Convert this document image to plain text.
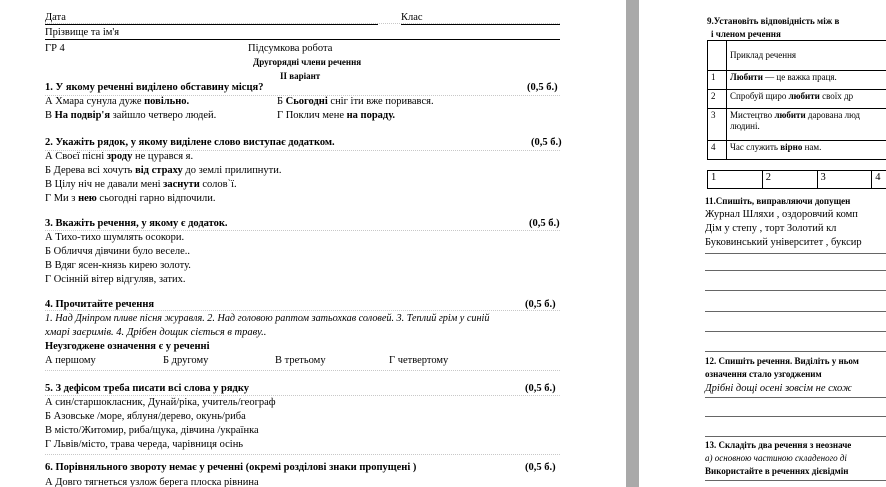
Дата	Клас
Прізвище та ім'я
ГР 4	Підсумкова робота
Другорядні члени речення
ІІ варіант
1. У якому реченні виділено обставину місця?	(0,5 б.)
А Хмара сунула дуже повільно.	Б Сьогодні сніг іти вже поривався.
В На подвір'я зайшло четверо людей.	Г Поклич мене на пораду.
2. Укажіть рядок, у якому виділене слово виступає додатком.	(0,5 б.)
А Своєї пісні зроду не цурався я.
Б Дерева всі хочуть від страху до землі прилипнути.
В Цілу ніч не давали мені заснути солов`ї.
Г Ми з нею сьогодні гарно відпочили.
3. Вкажіть речення, у якому є додаток.	(0,5 б.)
А Тихо-тихо шумлять осокори.
Б Обличчя дівчини було веселе..
В Вдяг ясен-князь кирею золоту.
Г Осінній вітер відгуляв, затих.
4. Прочитайте речення	(0,5 б.)
1. Над Дніпром пливе пісня журавля. 2. Над головою раптом затьохкав соловей. 3. Теплий грім у синій
хмарі заєримів. 4. Дрібен дощик сіється в траву..
Неузгоджене означення є у реченні
А першому	Б другому	В третьому	Г четвертому
5. З дефісом треба писати всі слова у рядку	(0,5 б.)
А син/старшокласник, Дунай/ріка, учитель/географ
Б Азовське /море, яблуня/дерево, окунь/риба
В місто/Житомир, риба/щука, дівчина /українка
Г Львів/місто, трава череда, чарівниця осінь
6. Порівняльного звороту немає у реченні (окремі розділові знаки пропущені )	(0,5 б.)
А Довго тягнеться узлож берега плоска рівнина
9.Установіть відповідність між в
і членом речення
	Приклад речення
1	Любити — це важка праця.
2	Спробуй щиро любити своїх др
3	Мистецтво любити дарована люд
людині.
4	Час служить вірно нам.
1	2	3	4
11.Спишіть, виправляючи допущен
Журнал Шляхи , оздоровчий комп
Дім у степу , торт Золотий кл
Буковинський університет , буксир
12. Спишіть речення. Виділіть у ньом
означення стало узгодженим
Дрібні дощі осені зовсім не схож
13. Складіть два речення з неозначе
а) основною частиною складеного ді
Використайте в реченнях дієвідмін
